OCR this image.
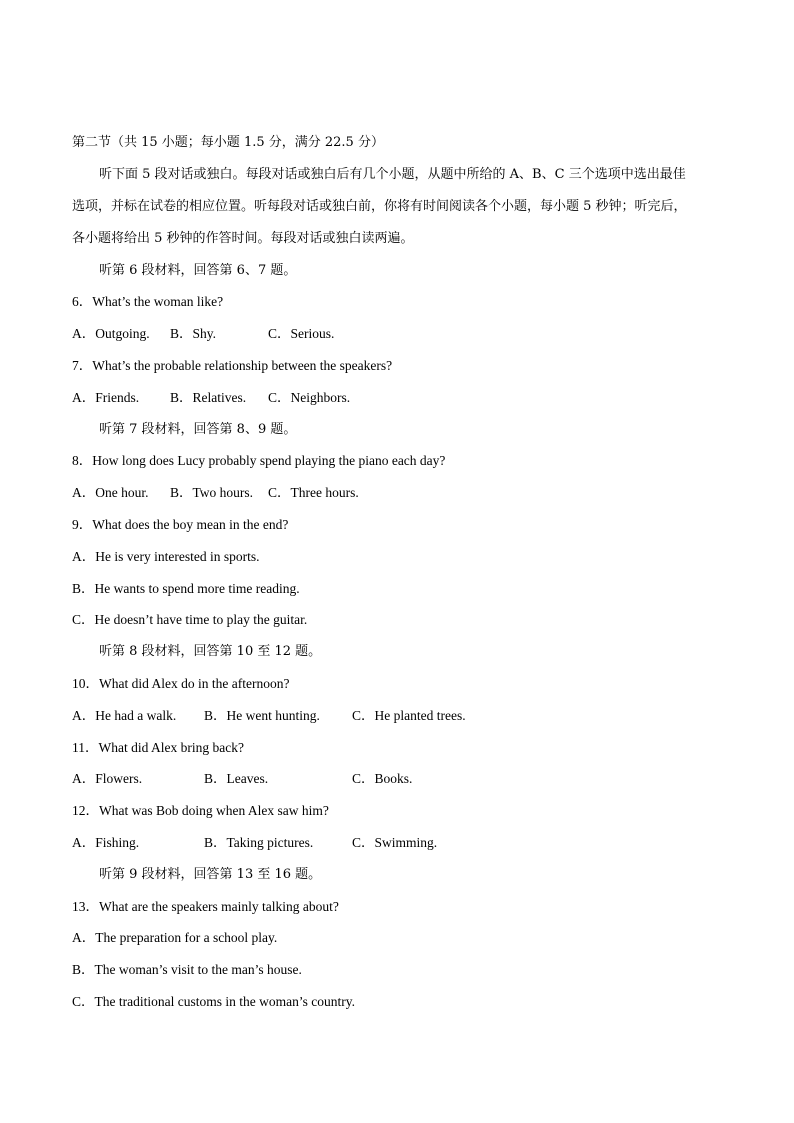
第二节（共 15 小题；每小题 1.5 分，满分 22.5 分）
听下面 5 段对话或独白。每段对话或独白后有几个小题，从题中所给的 A、B、C 三个选项中选出最佳
选项，并标在试卷的相应位置。听每段对话或独白前，你将有时间阅读各个小题，每小题 5 秒钟；听完后，
各小题将给出 5 秒钟的作答时间。每段对话或独白读两遍。
听第 6 段材料，回答第 6、7 题。
6．What’s the woman like?
A．Outgoing. B．Shy.	C．Serious.
7．What’s the probable relationship between the speakers?
A．Friends. B．Relatives. C．Neighbors.
听第 7 段材料，回答第 8、9 题。
8．How long does Lucy probably spend playing the piano each day?
A．One hour. B．Two hours. C．Three hours.
9．What does the boy mean in the end?
A．He is very interested in sports.
B．He wants to spend more time reading.
C．He doesn’t have time to play the guitar.
听第 8 段材料，回答第 10 至 12 题。
10．What did Alex do in the afternoon?
A．He had a walk. B．He went hunting. C．He planted trees.
11．What did Alex bring back?
A．Flowers.	B．Leaves.	C．Books.
12．What was Bob doing when Alex saw him?
A．Fishing.	B．Taking pictures.	C．Swimming.
听第 9 段材料，回答第 13 至 16 题。
13．What are the speakers mainly talking about?
A．The preparation for a school play.
B．The woman’s visit to the man’s house.
C．The traditional customs in the woman’s country.
